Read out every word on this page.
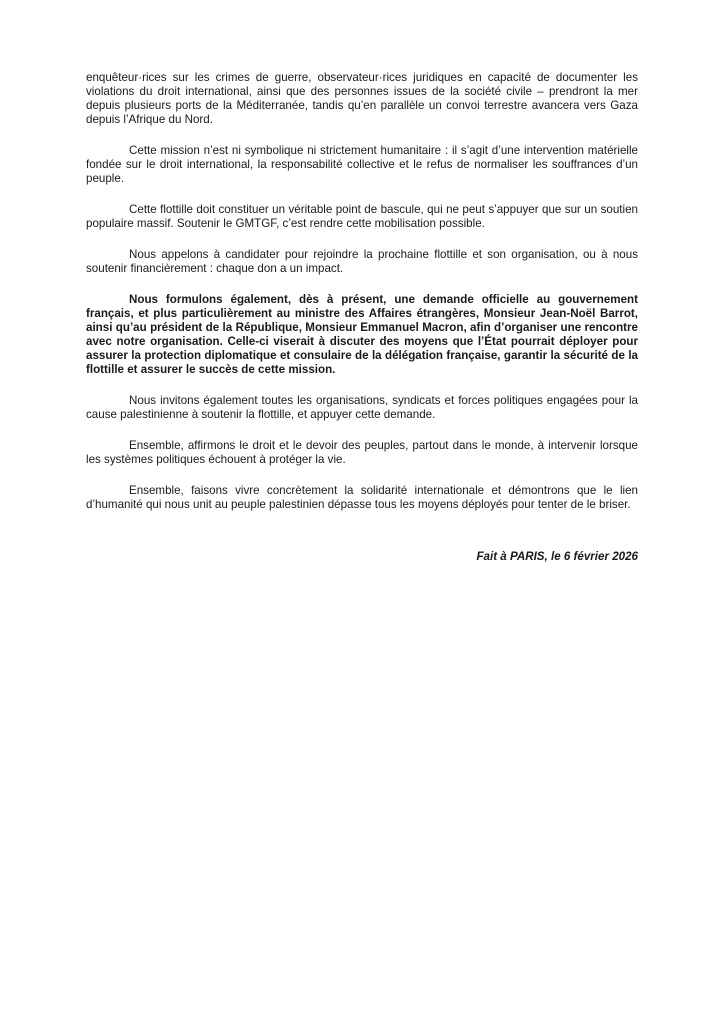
enquêteur·rices sur les crimes de guerre, observateur·rices juridiques en capacité de documenter les violations du droit international, ainsi que des personnes issues de la société civile – prendront la mer depuis plusieurs ports de la Méditerranée, tandis qu’en parallèle un convoi terrestre avancera vers Gaza depuis l’Afrique du Nord.

Cette mission n’est ni symbolique ni strictement humanitaire : il s’agit d’une intervention matérielle fondée sur le droit international, la responsabilité collective et le refus de normaliser les souffrances d’un peuple.

Cette flottille doit constituer un véritable point de bascule, qui ne peut s’appuyer que sur un soutien populaire massif. Soutenir le GMTGF, c’est rendre cette mobilisation possible.

Nous appelons à candidater pour rejoindre la prochaine flottille et son organisation, ou à nous soutenir financièrement : chaque don a un impact.

Nous formulons également, dès à présent, une demande officielle au gouvernement français, et plus particulièrement au ministre des Affaires étrangères, Monsieur Jean-Noël Barrot, ainsi qu’au président de la République, Monsieur Emmanuel Macron, afin d’organiser une rencontre avec notre organisation. Celle-ci viserait à discuter des moyens que l’État pourrait déployer pour assurer la protection diplomatique et consulaire de la délégation française, garantir la sécurité de la flottille et assurer le succès de cette mission.

Nous invitons également toutes les organisations, syndicats et forces politiques engagées pour la cause palestinienne à soutenir la flottille, et appuyer cette demande.

Ensemble, affirmons le droit et le devoir des peuples, partout dans le monde, à intervenir lorsque les systèmes politiques échouent à protéger la vie.

Ensemble, faisons vivre concrètement la solidarité internationale et démontrons que le lien d’humanité qui nous unit au peuple palestinien dépasse tous les moyens déployés pour tenter de le briser.

Fait à PARIS, le 6 février 2026
